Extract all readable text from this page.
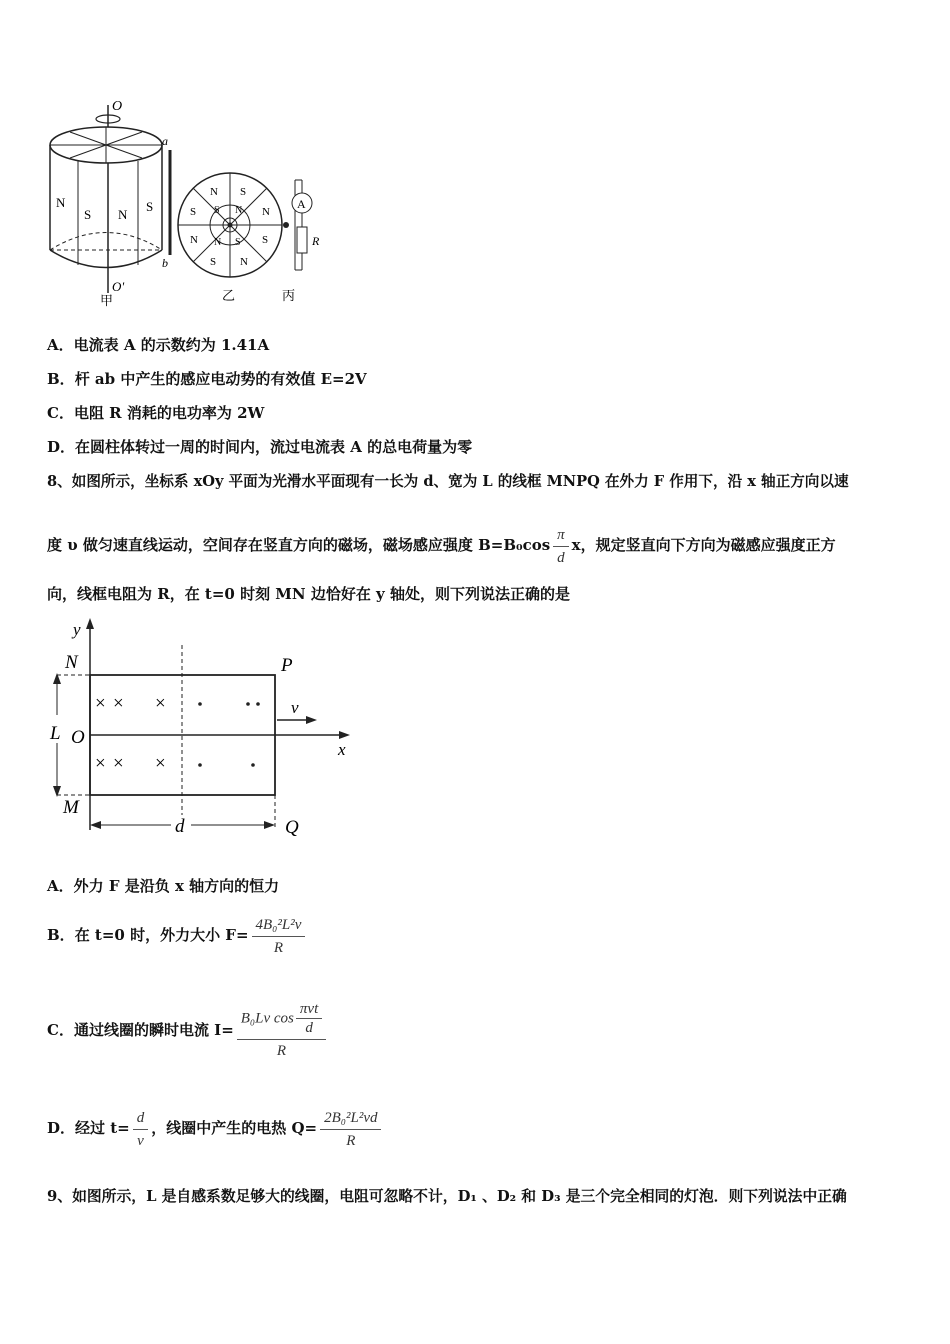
O
N
S N
S
O'
甲
a
b
N S
S	N
N	S
S N
S N
N S
乙
A
R
丙
A．电流表 A 的示数约为 1.41A
B．杆 ab 中产生的感应电动势的有效值 E=2V
C．电阻 R 消耗的电功率为 2W
D．在圆柱体转过一周的时间内，流过电流表 A 的总电荷量为零
8、如图所示，坐标系 xOy 平面为光滑水平面现有一长为 d、宽为 L 的线框 MNPQ 在外力 F 作用下，沿 x 轴正方向以速
度 υ 做匀速直线运动，空间存在竖直方向的磁场，磁场感应强度 $B=B_0\cos \frac{\pi}{d}$ x，规定竖直向下方向为磁感应强度正方
向，线框电阻为 R，在 t=0 时刻 MN 边恰好在 y 轴处，则下列说法正确的是
y
x
L
d
N	P
O
M
Q
v
× × ×
× × ×
A．外力 F 是沿负 x 轴方向的恒力
B．在 t=0 时，外力大小 $F= \frac{\text{4B₀²L²v}}{R}$
C．通过线圈的瞬时电流 $I= \frac{B_0Lv \cos \frac{\text{πvt}}{d}}{R}$
D．经过 $t= \frac{d}{v}$ ，线圈中产生的电热 $Q= \frac{\text{2B₀²L²vd}}{R}$
9、如图所示，L 是自感系数足够大的线圈，电阻可忽略不计，D₁ 、D₂ 和 D₃ 是三个完全相同的灯泡．则下列说法中正确
